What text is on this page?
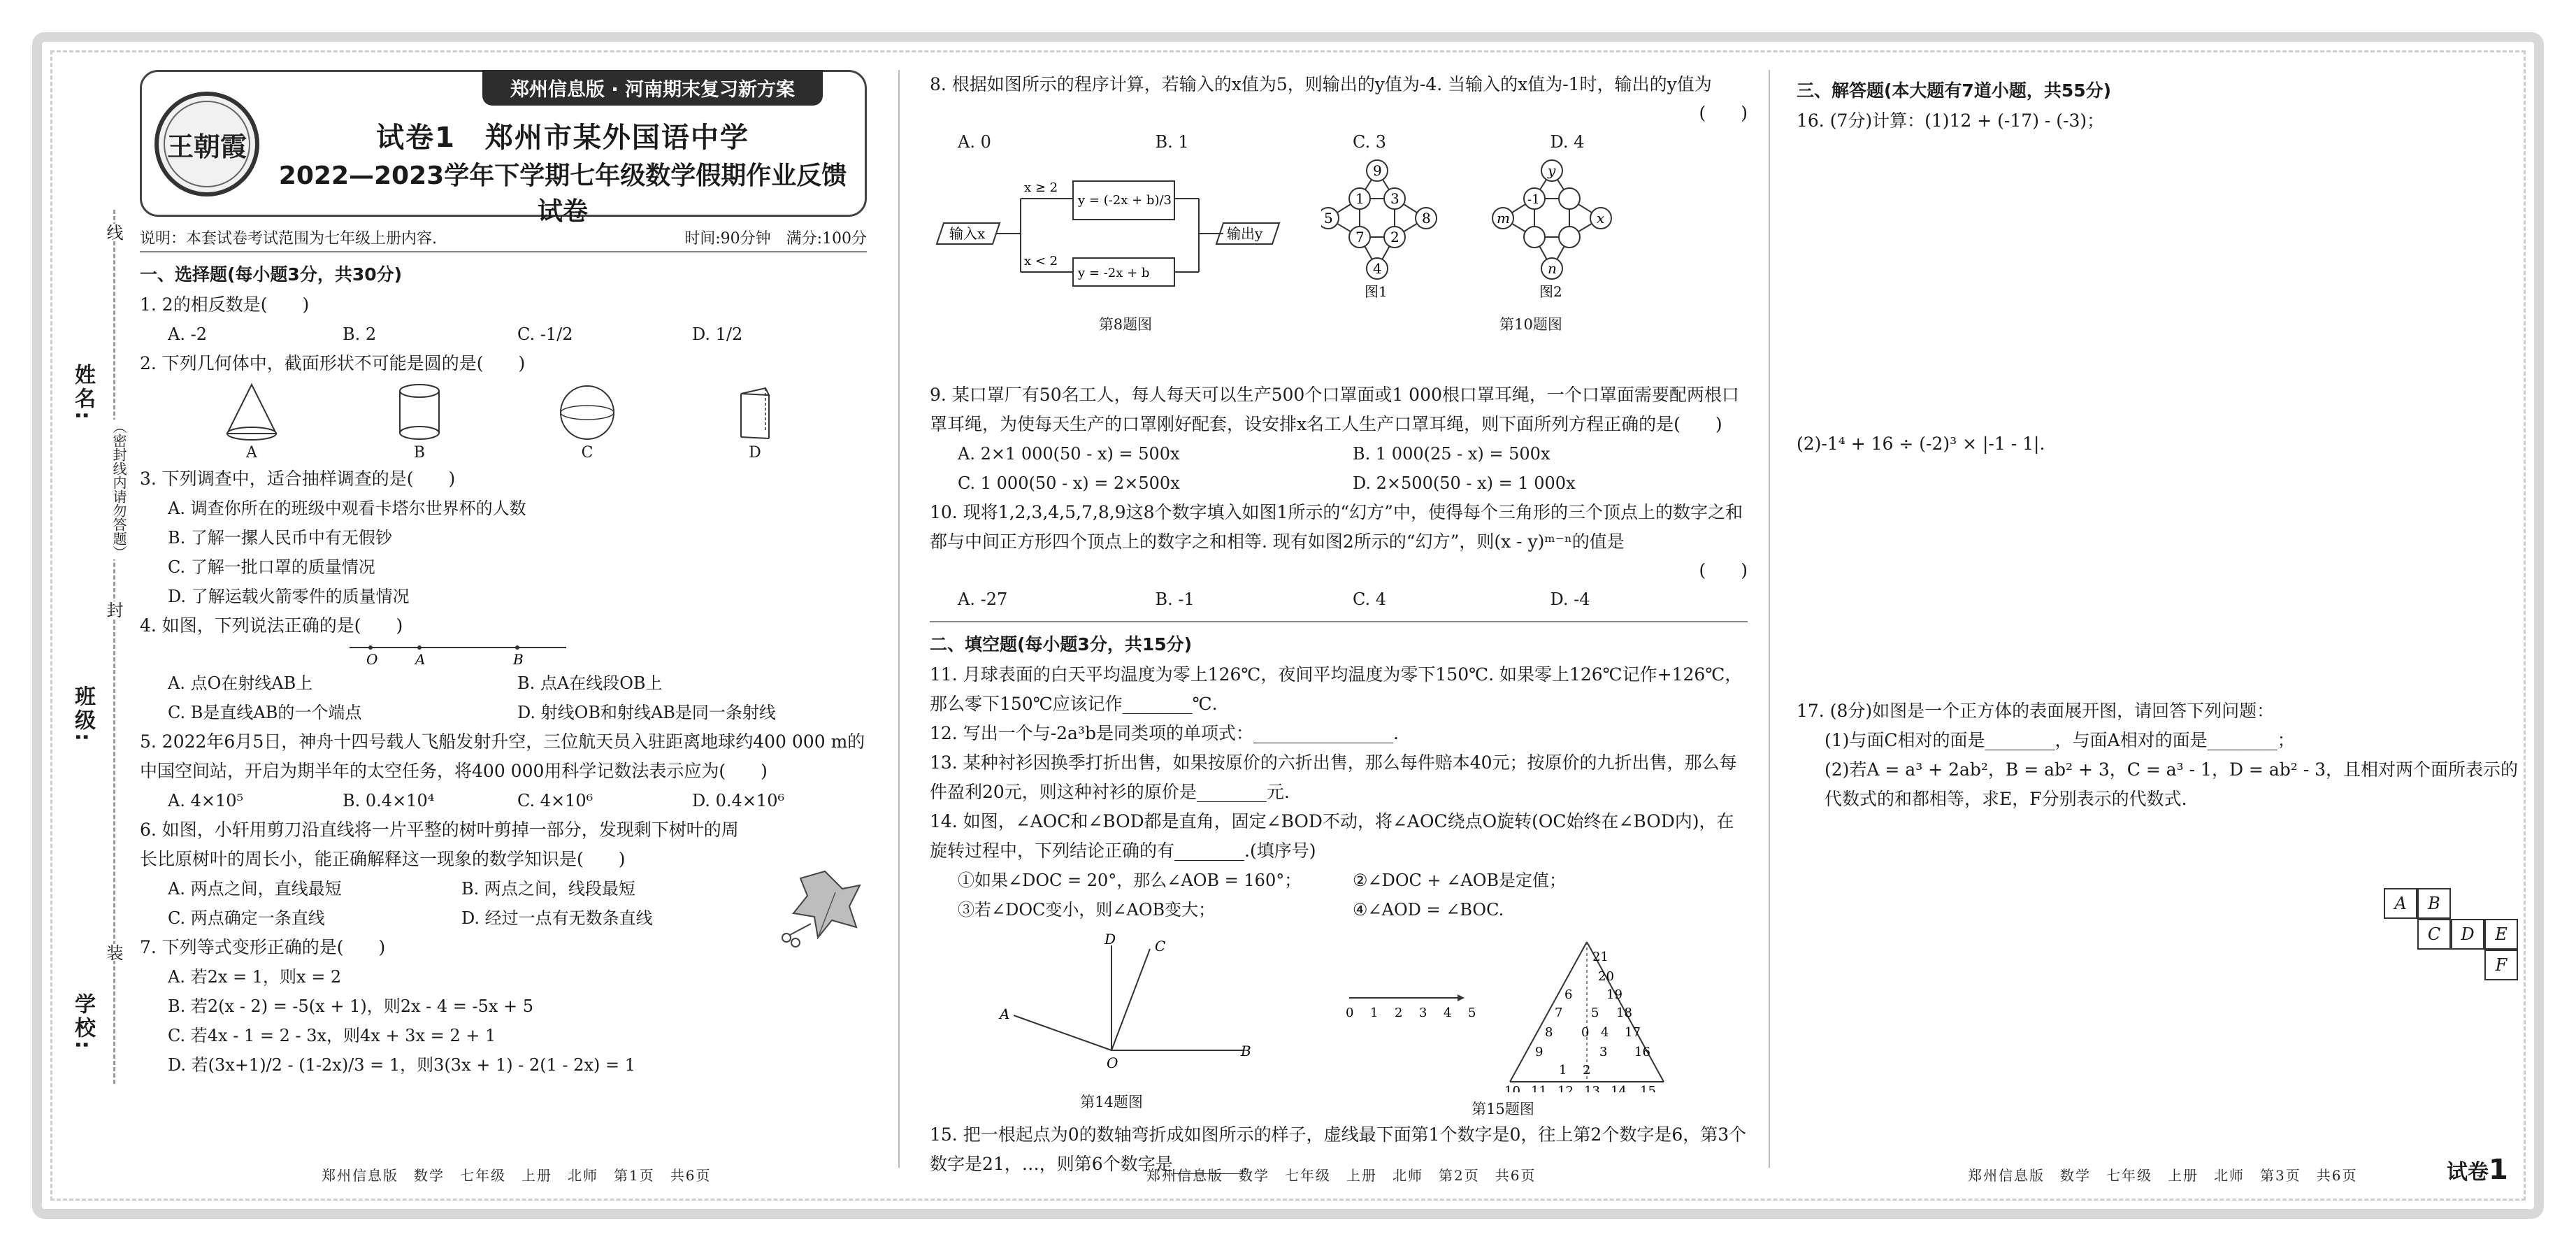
线
姓名:
（密封线内请勿答题）
封
班级:
装
学校:
郑州信息版 · 河南期末复习新方案
王朝霞	试卷1　郑州市某外国语中学
2022—2023学年下学期七年级数学假期作业反馈试卷
说明：本套试卷考试范围为七年级上册内容.	时间:90分钟　满分:100分
一、选择题(每小题3分，共30分)
1. 2的相反数是(　　)
A. -2	B. 2	C. -1/2	D. 1/2
2. 下列几何体中，截面形状不可能是圆的是(　　)
A	B	C	D
3. 下列调查中，适合抽样调查的是(　　)
A. 调查你所在的班级中观看卡塔尔世界杯的人数
B. 了解一摞人民币中有无假钞
C. 了解一批口罩的质量情况
D. 了解运载火箭零件的质量情况
4. 如图，下列说法正确的是(　　)
O	A	B
A. 点O在射线AB上	B. 点A在线段OB上
C. B是直线AB的一个端点	D. 射线OB和射线AB是同一条射线
5. 2022年6月5日，神舟十四号载人飞船发射升空，三位航天员入驻距离地球约400 000 m的中国空间站，开启为期半年的太空任务，将400 000用科学记数法表示应为(　　)
A. 4×10⁵	B. 0.4×10⁴	C. 4×10⁶	D. 0.4×10⁶
6. 如图，小轩用剪刀沿直线将一片平整的树叶剪掉一部分，发现剩下树叶的周长比原树叶的周长小，能正确解释这一现象的数学知识是(　　)
A. 两点之间，直线最短	B. 两点之间，线段最短
C. 两点确定一条直线	D. 经过一点有无数条直线
7. 下列等式变形正确的是(　　)
A. 若2x = 1，则x = 2
B. 若2(x - 2) = -5(x + 1)，则2x - 4 = -5x + 5
C. 若4x - 1 = 2 - 3x，则4x + 3x = 2 + 1
D. 若(3x+1)/2 - (1-2x)/3 = 1，则3(3x + 1) - 2(1 - 2x) = 1
8. 根据如图所示的程序计算，若输入的x值为5，则输出的y值为-4. 当输入的x值为-1时，输出的y值为
(　　)
A. 0	B. 1	C. 3	D. 4
输入x
x ≥ 2
x < 2
y = (-2x + b)/3
y = -2x + b
输出y
第8题图
9
1 3
5	8
7 2
4
图1
y
-1
m	x
n
图2
第10题图
9. 某口罩厂有50名工人，每人每天可以生产500个口罩面或1 000根口罩耳绳，一个口罩面需要配两根口罩耳绳，为使每天生产的口罩刚好配套，设安排x名工人生产口罩耳绳，则下面所列方程正确的是(　　)
A. 2×1 000(50 - x) = 500x	B. 1 000(25 - x) = 500x
C. 1 000(50 - x) = 2×500x	D. 2×500(50 - x) = 1 000x
10. 现将1,2,3,4,5,7,8,9这8个数字填入如图1所示的“幻方”中，使得每个三角形的三个顶点上的数字之和都与中间正方形四个顶点上的数字之和相等. 现有如图2所示的“幻方”，则(x - y)ᵐ⁻ⁿ的值是
(　　)
A. -27	B. -1	C. 4	D. -4
二、填空题(每小题3分，共15分)
11. 月球表面的白天平均温度为零上126℃，夜间平均温度为零下150℃. 如果零上126℃记作+126℃，那么零下150℃应该记作________℃.
12. 写出一个与-2a³b是同类项的单项式：________________.
13. 某种衬衫因换季打折出售，如果按原价的六折出售，那么每件赔本40元；按原价的九折出售，那么每件盈利20元，则这种衬衫的原价是________元.
14. 如图，∠AOC和∠BOD都是直角，固定∠BOD不动，将∠AOC绕点O旋转(OC始终在∠BOD内)，在旋转过程中，下列结论正确的有________.(填序号)
①如果∠DOC = 20°，那么∠AOB = 160°；	②∠DOC + ∠AOB是定值；
③若∠DOC变小，则∠AOB变大；	④∠AOD = ∠BOC.
D	C
A
O
B
第14题图
0 1 2 3 4 5
21
20
6	19
7 5 18
8 0 4 17
9	3 16
1 2
10 11 12 13 14 15
第15题图
15. 把一根起点为0的数轴弯折成如图所示的样子，虚线最下面第1个数字是0，往上第2个数字是6，第3个数字是21，…，则第6个数字是________.
三、解答题(本大题有7道小题，共55分)
16. (7分)计算：(1)12 + (-17) - (-3)；
(2)-1⁴ + 16 ÷ (-2)³ × |-1 - 1|.
17. (8分)如图是一个正方体的表面展开图，请回答下列问题：
(1)与面C相对的面是________，与面A相对的面是________；
(2)若A = a³ + 2ab²，B = ab² + 3，C = a³ - 1，D = ab² - 3，且相对两个面所表示的代数式的和都相等，求E，F分别表示的代数式.
A	B
C	D	E
F
郑州信息版　数学　七年级　上册　北师　第1页　共6页	郑州信息版　数学　七年级　上册　北师　第2页　共6页	郑州信息版　数学　七年级　上册　北师　第3页　共6页	试卷1
